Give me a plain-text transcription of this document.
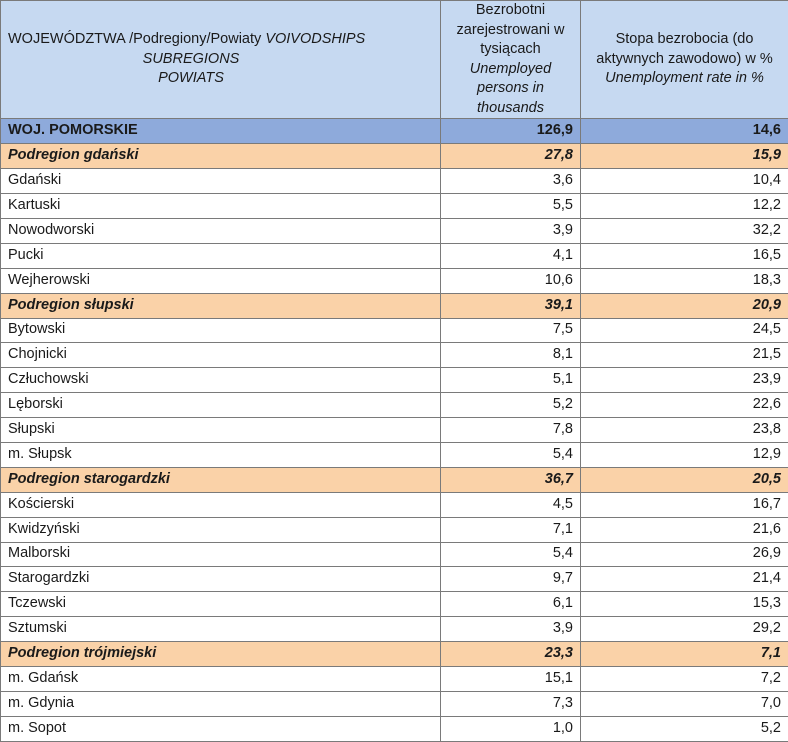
WOJEWÓDZTWA /Podregiony/Powiaty VOIVODSHIPS
SUBREGIONS
POWIATS	Bezrobotni
zarejestrowani w
tysiącach Unemployed persons in thousands	Stopa bezrobocia (do
aktywnych zawodowo) w %
Unemployment rate in %
WOJ. POMORSKIE	126,9	14,6
Podregion gdański	27,8	15,9
Gdański	3,6	10,4
Kartuski	5,5	12,2
Nowodworski	3,9	32,2
Pucki	4,1	16,5
Wejherowski	10,6	18,3
Podregion słupski	39,1	20,9
Bytowski	7,5	24,5
Chojnicki	8,1	21,5
Człuchowski	5,1	23,9
Lęborski	5,2	22,6
Słupski	7,8	23,8
m. Słupsk	5,4	12,9
Podregion starogardzki	36,7	20,5
Kościerski	4,5	16,7
Kwidzyński	7,1	21,6
Malborski	5,4	26,9
Starogardzki	9,7	21,4
Tczewski	6,1	15,3
Sztumski	3,9	29,2
Podregion trójmiejski	23,3	7,1
m. Gdańsk	15,1	7,2
m. Gdynia	7,3	7,0
m. Sopot	1,0	5,2
